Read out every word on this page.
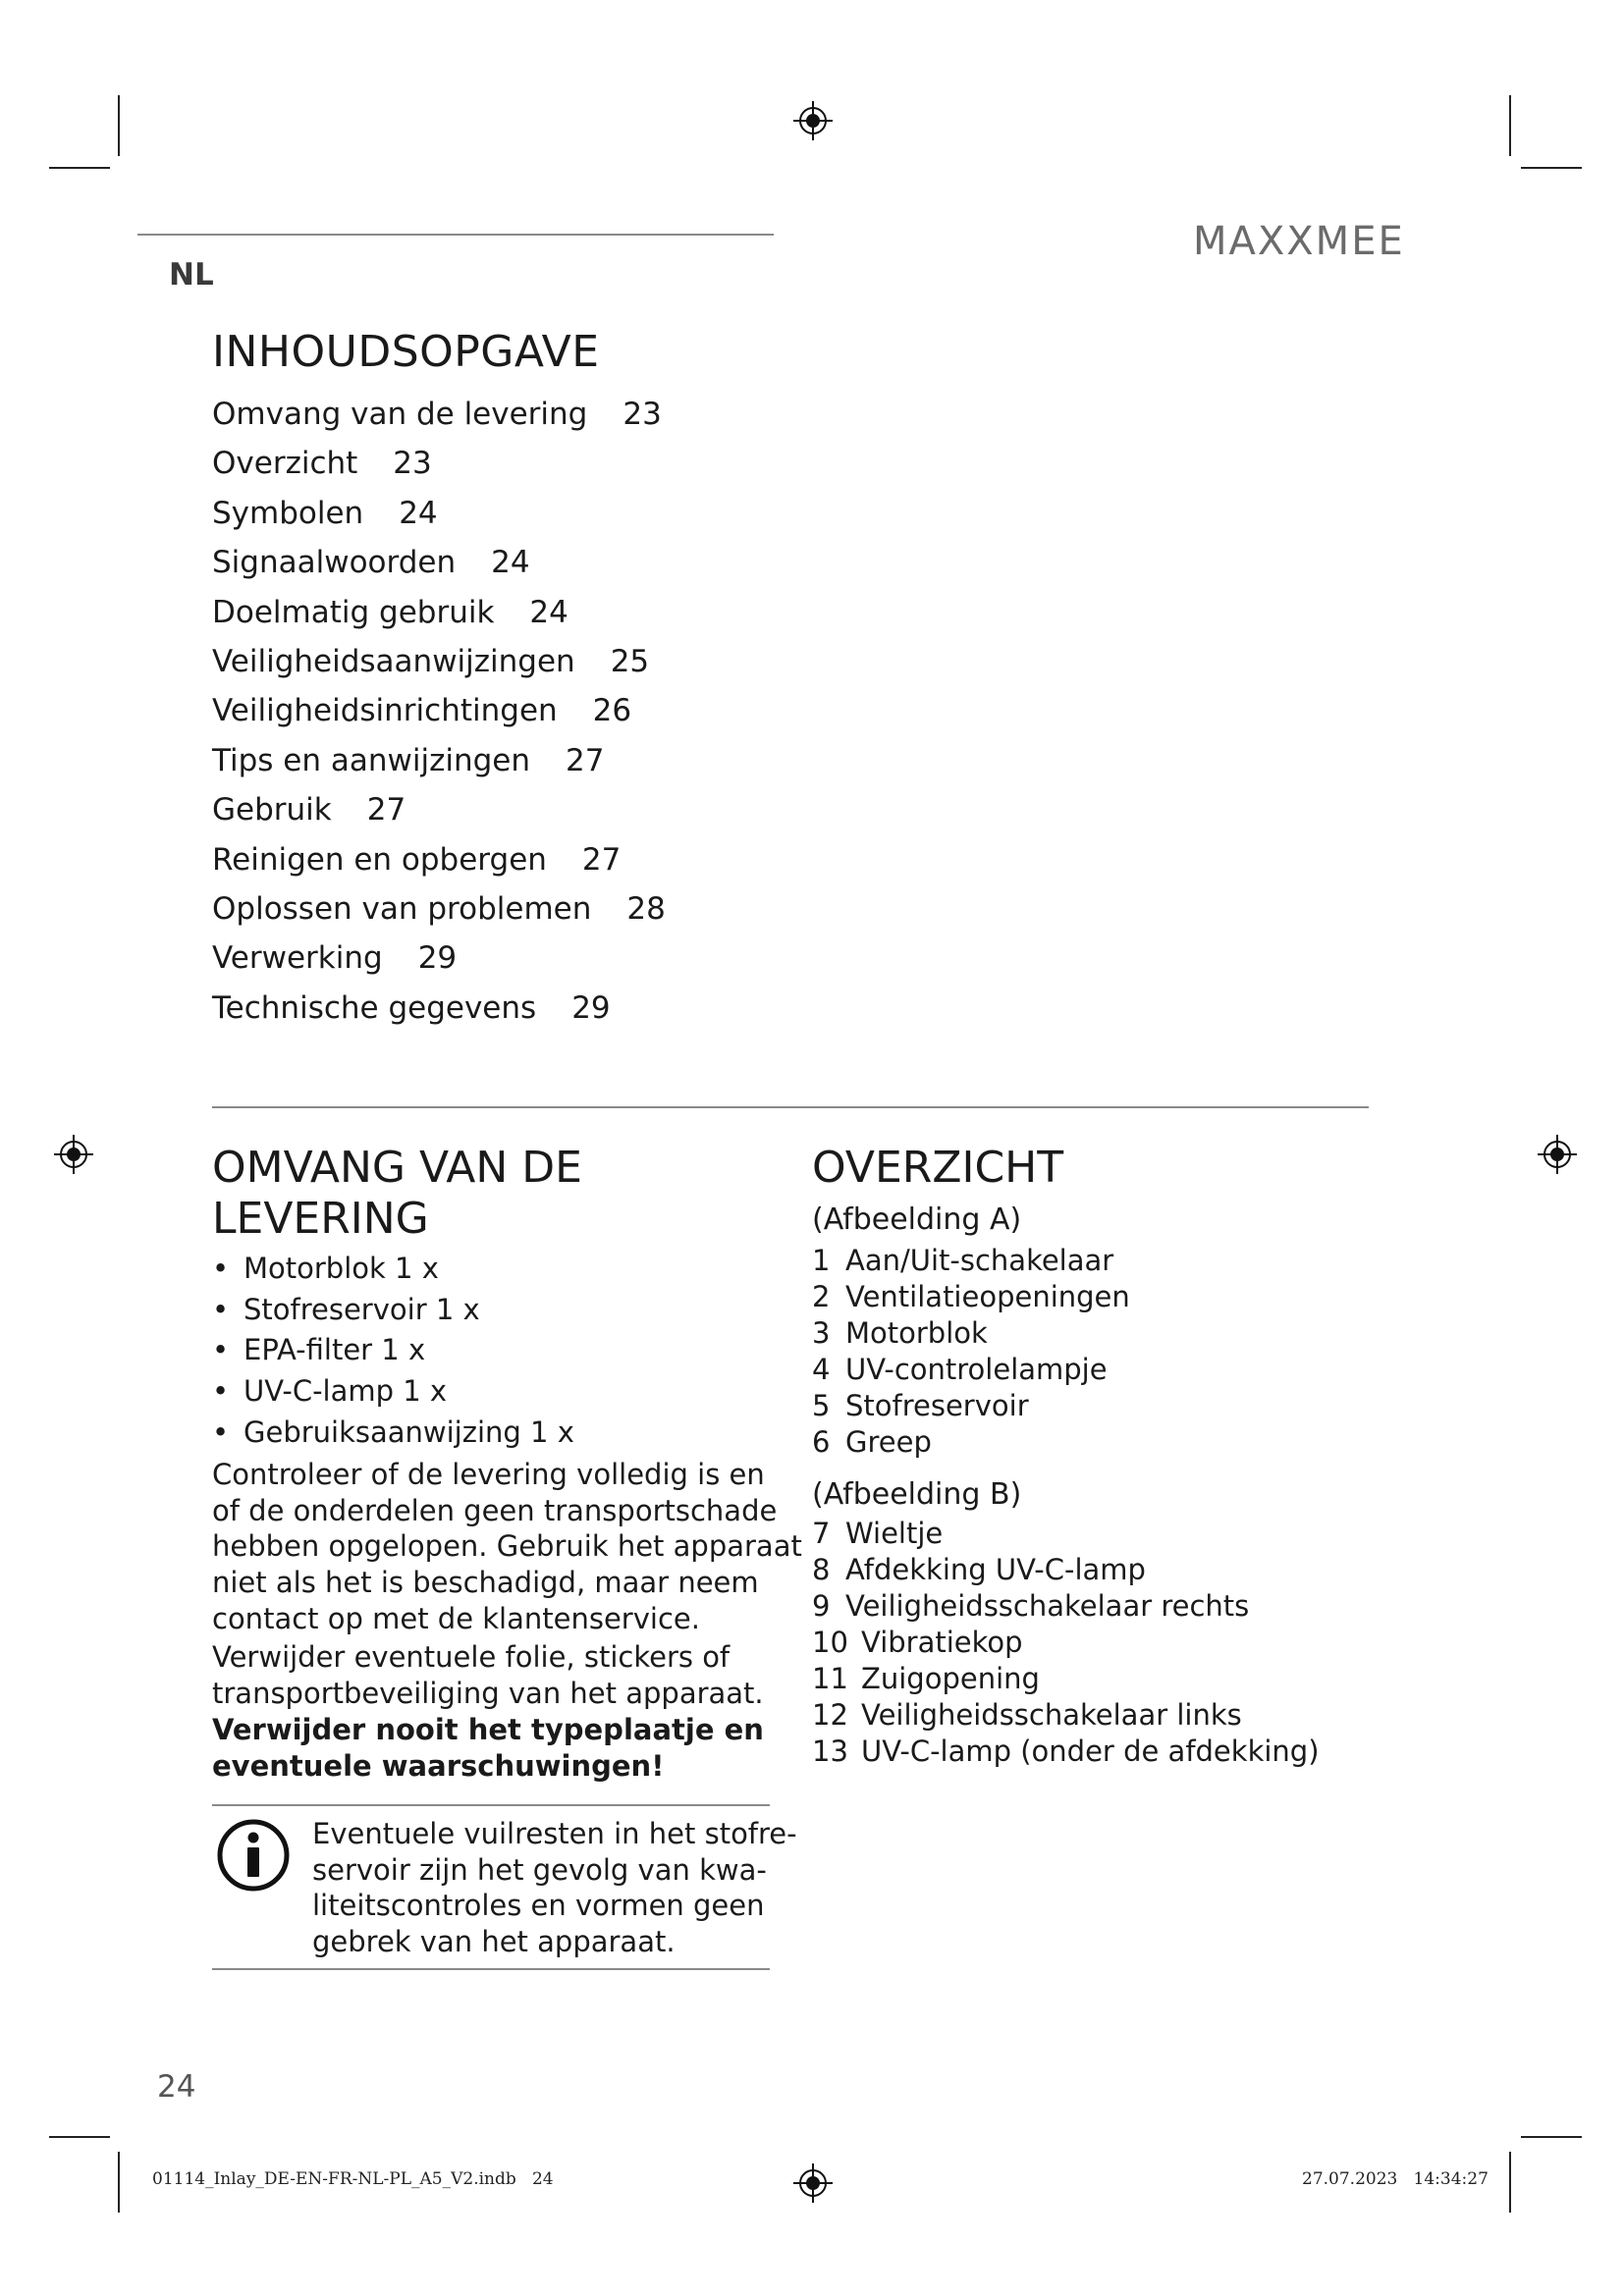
NL
MAXXMEE
INHOUDSOPGAVE
Omvang van de levering 23
Overzicht 23
Symbolen 24
Signaalwoorden 24
Doelmatig gebruik 24
Veiligheidsaanwijzingen 25
Veiligheidsinrichtingen 26
Tips en aanwijzingen 27
Gebruik 27
Reinigen en opbergen 27
Oplossen van problemen 28
Verwerking 29
Technische gegevens 29
OMVANG VAN DE
LEVERING
• Motorblok 1 x
• Stofreservoir 1 x
• EPA-filter 1 x
• UV-C-lamp 1 x
• Gebruiksaanwijzing 1 x
Controleer of de levering volledig is en
of de onderdelen geen transportschade
hebben opgelopen. Gebruik het apparaat
niet als het is beschadigd, maar neem
contact op met de klantenservice.
Verwijder eventuele folie, stickers of
transportbeveiliging van het apparaat.
Verwijder nooit het typeplaatje en
eventuele waarschuwingen!
Eventuele vuilresten in het stofre-
servoir zijn het gevolg van kwa-
liteitscontroles en vormen geen
gebrek van het apparaat.
OVERZICHT
(Afbeelding A)
1 Aan/Uit-schakelaar
2 Ventilatieopeningen
3 Motorblok
4 UV-controlelampje
5 Stofreservoir
6 Greep
(Afbeelding B)
7 Wieltje
8 Afdekking UV-C-lamp
9 Veiligheidsschakelaar rechts
10 Vibratiekop
11 Zuigopening
12 Veiligheidsschakelaar links
13 UV-C-lamp (onder de afdekking)
24
01114_Inlay_DE-EN-FR-NL-PL_A5_V2.indb   24	27.07.2023   14:34:27
